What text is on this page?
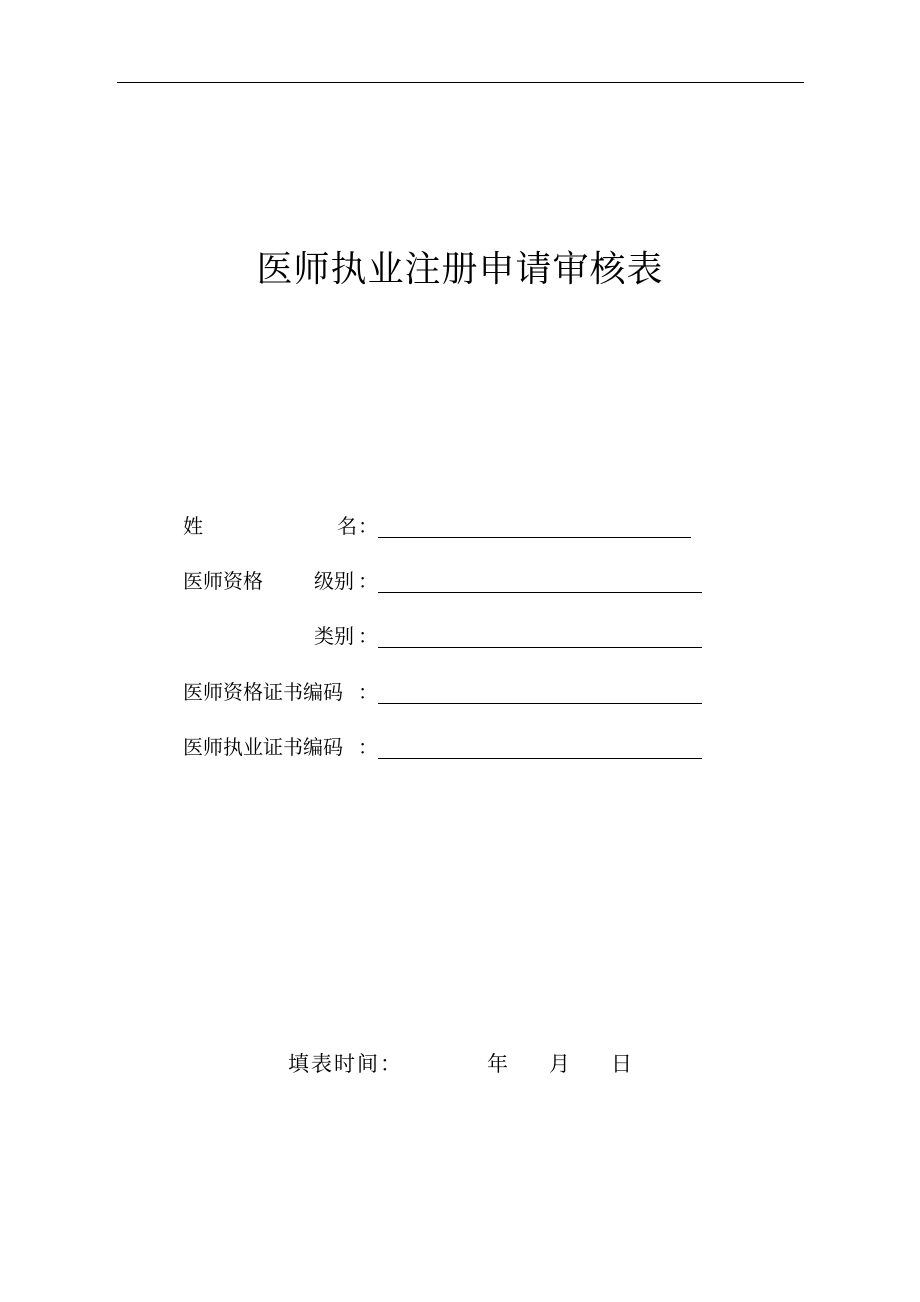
医师执业注册申请审核表
姓	名 ：
医师资格	级别 ：
类别 ：
医师资格证书编码 ：
医师执业证书编码 ：
填表时间：	年 月 日
